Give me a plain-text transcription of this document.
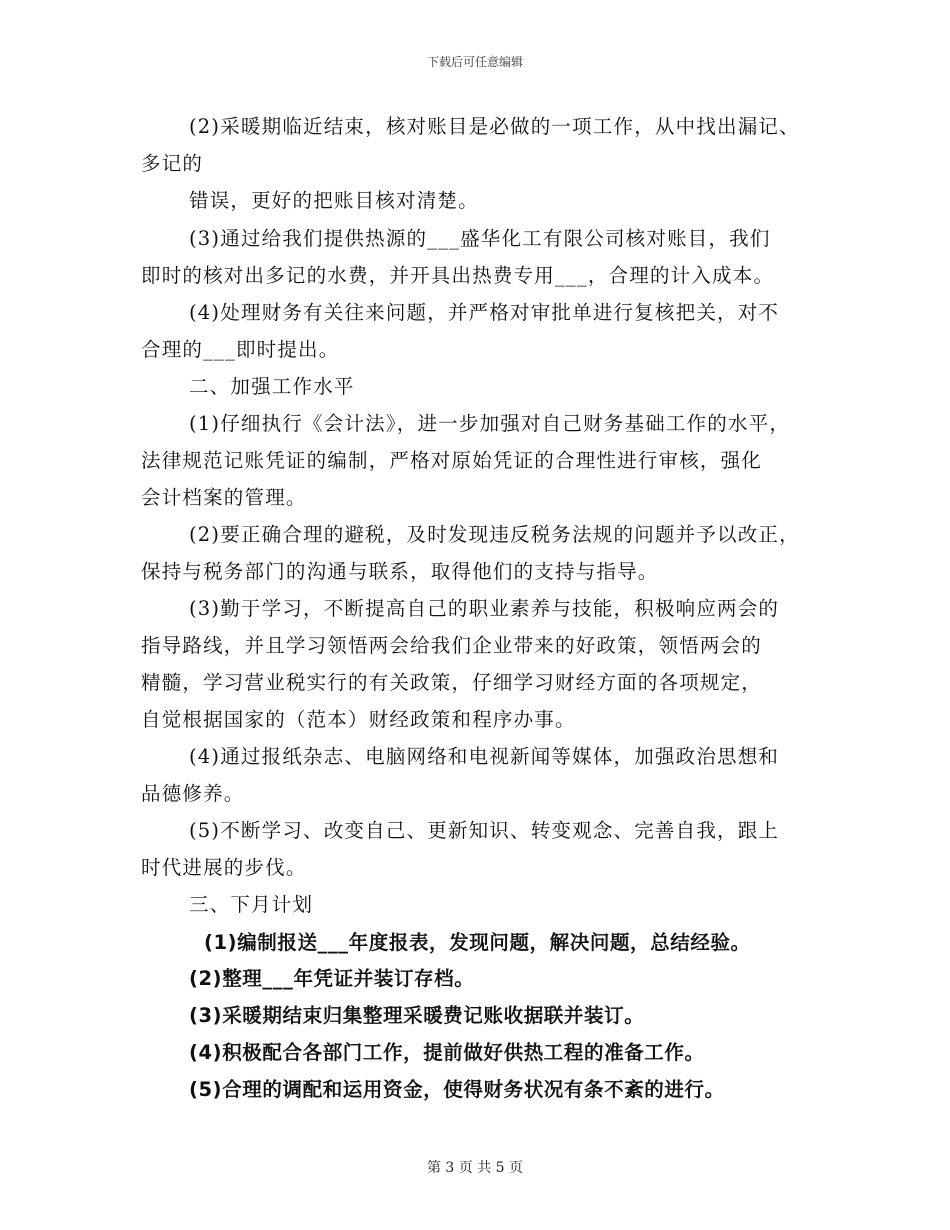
下载后可任意编辑
(2)采暖期临近结束，核对账目是必做的一项工作，从中找出漏记、
多记的
错误，更好的把账目核对清楚。
(3)通过给我们提供热源的___盛华化工有限公司核对账目，我们
即时的核对出多记的水费，并开具出热费专用___，合理的计入成本。
(4)处理财务有关往来问题，并严格对审批单进行复核把关，对不
合理的___即时提出。
二、加强工作水平
(1)仔细执行《会计法》，进一步加强对自己财务基础工作的水平，
法律规范记账凭证的编制，严格对原始凭证的合理性进行审核，强化
会计档案的管理。
(2)要正确合理的避税，及时发现违反税务法规的问题并予以改正，
保持与税务部门的沟通与联系，取得他们的支持与指导。
(3)勤于学习，不断提高自己的职业素养与技能，积极响应两会的
指导路线，并且学习领悟两会给我们企业带来的好政策，领悟两会的
精髓，学习营业税实行的有关政策，仔细学习财经方面的各项规定，
自觉根据国家的（范本）财经政策和程序办事。
(4)通过报纸杂志、电脑网络和电视新闻等媒体，加强政治思想和
品德修养。
(5)不断学习、改变自己、更新知识、转变观念、完善自我，跟上
时代进展的步伐。
三、下月计划
(1)编制报送___年度报表，发现问题，解决问题，总结经验。
(2)整理___年凭证并装订存档。
(3)采暖期结束归集整理采暖费记账收据联并装订。
(4)积极配合各部门工作，提前做好供热工程的准备工作。
(5)合理的调配和运用资金，使得财务状况有条不紊的进行。
第 3 页 共 5 页
